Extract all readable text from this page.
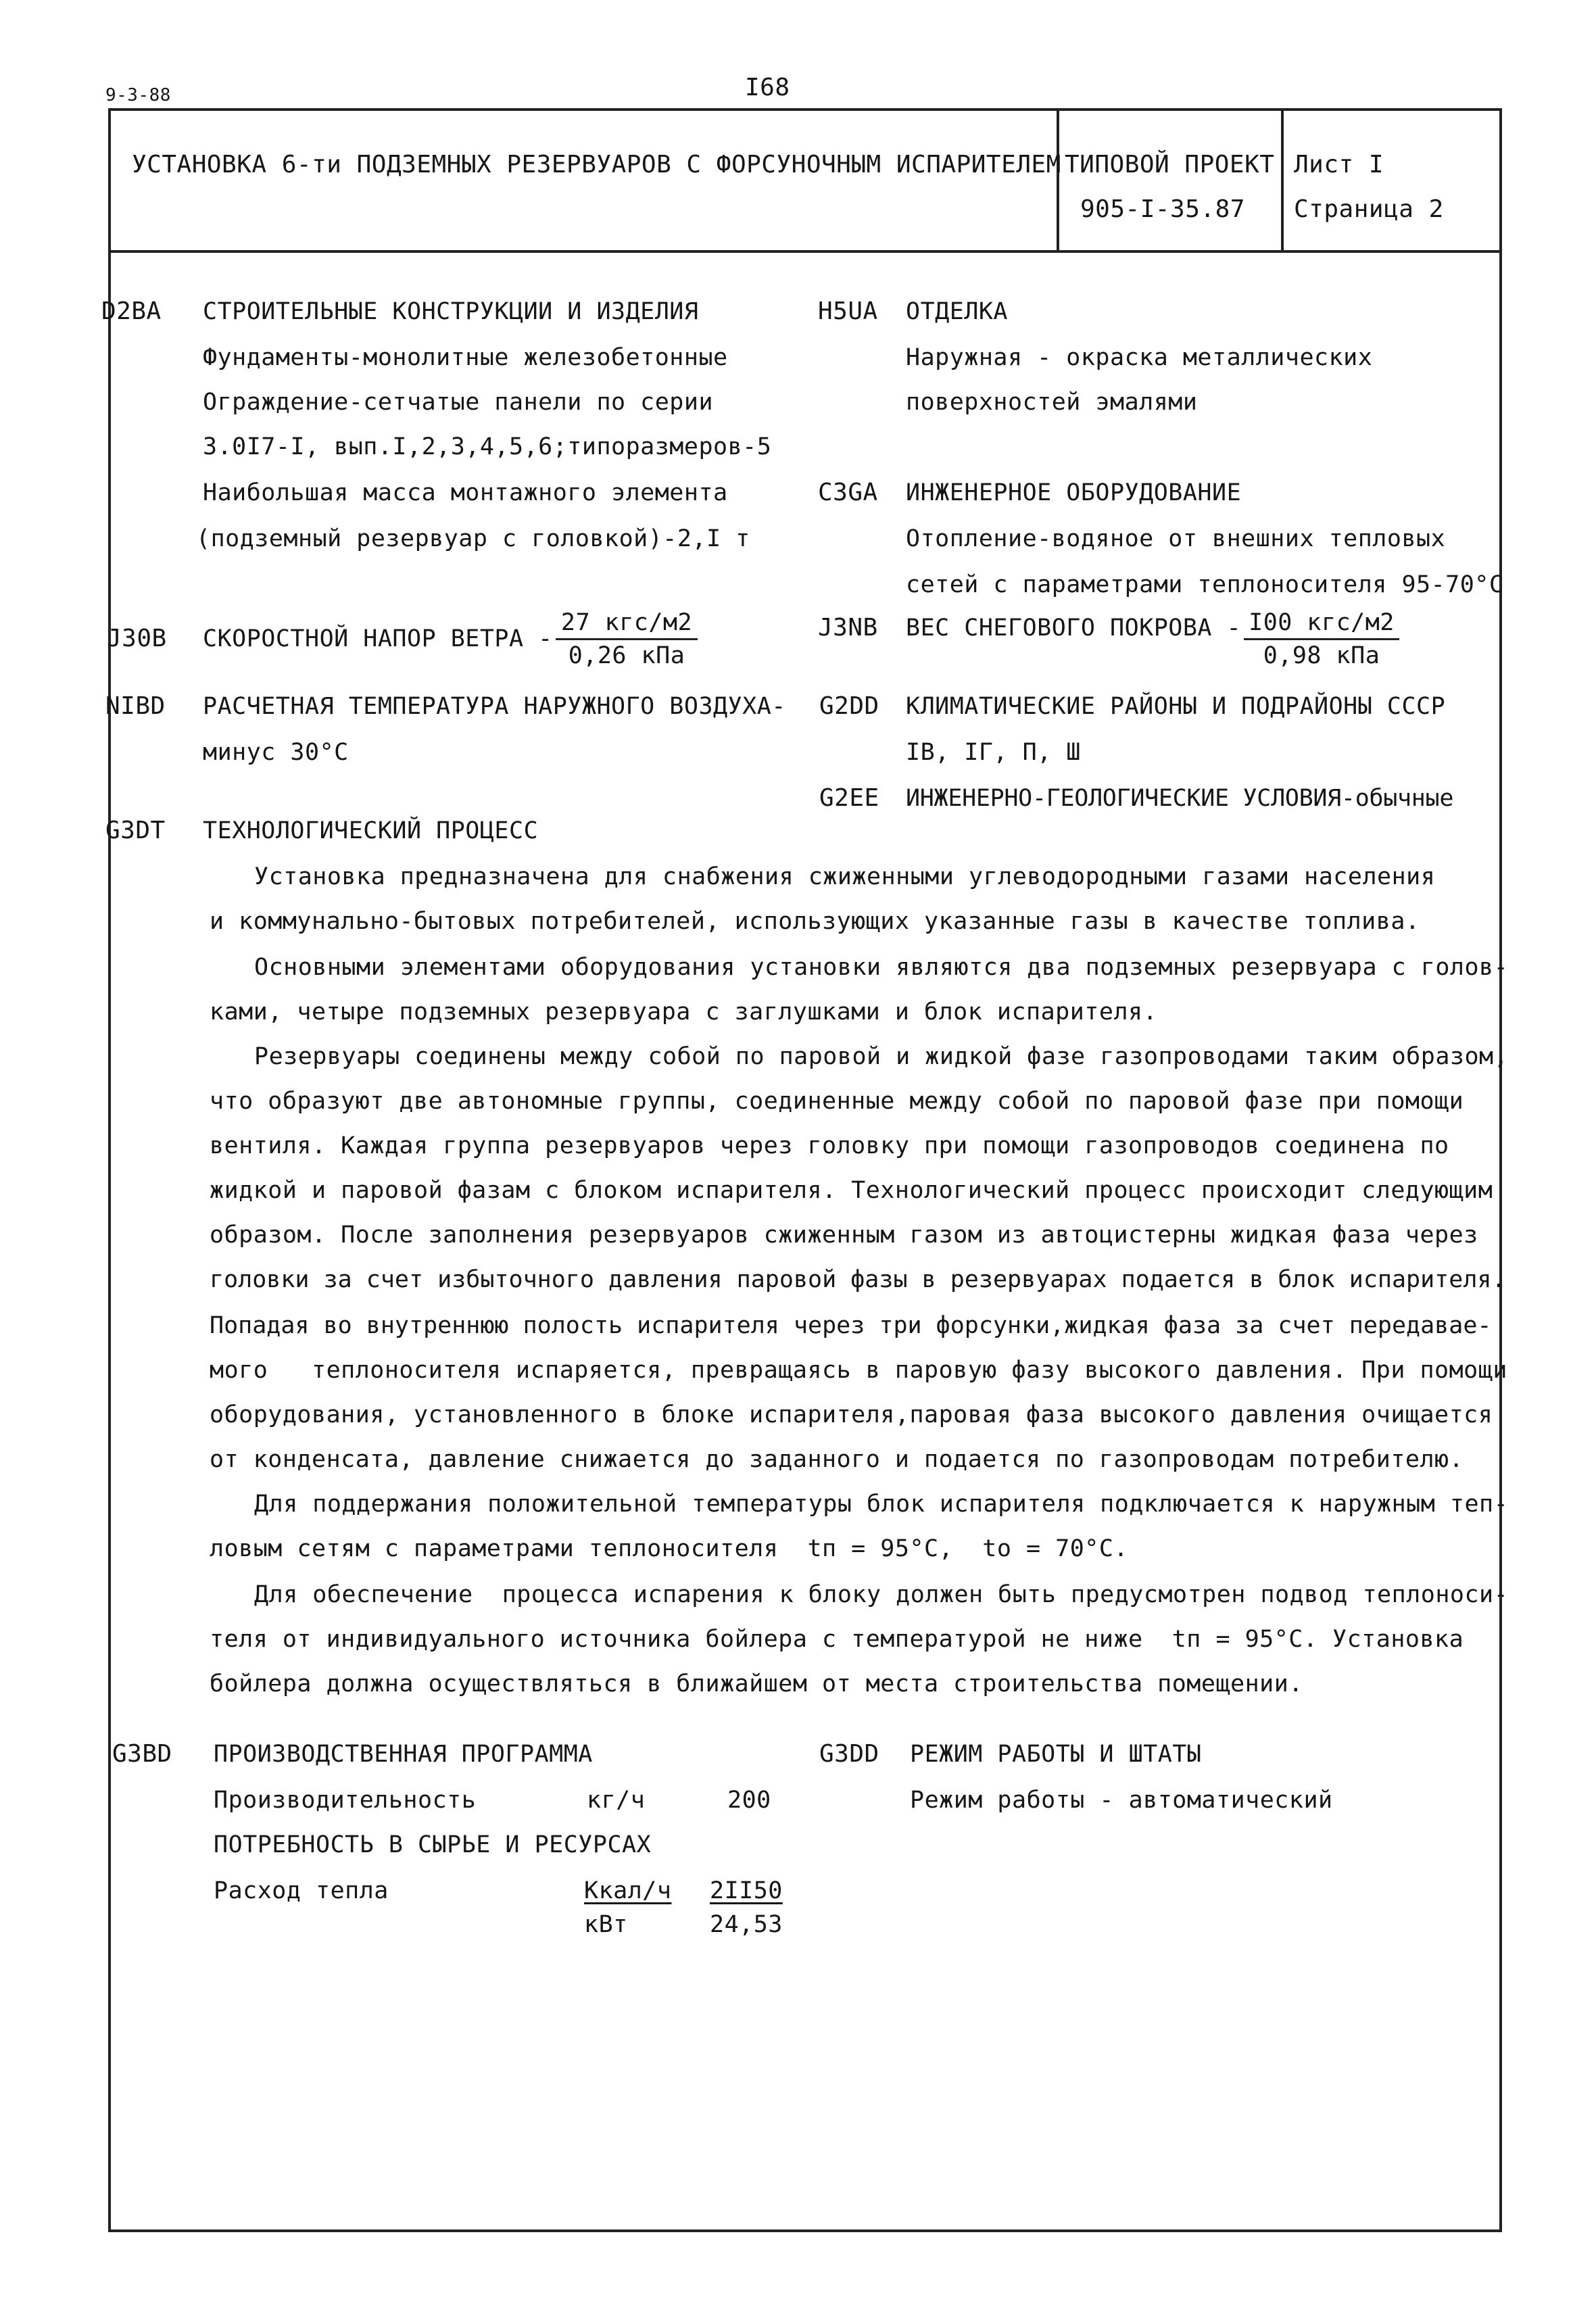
9-3-88	I68
УСТАНОВКА 6-ти ПОДЗЕМНЫХ РЕЗЕРВУАРОВ С ФОРСУНОЧНЫМ ИСПАРИТЕЛЕМ ТИПОВОЙ ПРОЕКТ
905-I-35.87
Лист I
Страница 2
D2BA СТРОИТЕЛЬНЫЕ КОНСТРУКЦИИ И ИЗДЕЛИЯ
Фундаменты-монолитные железобетонные
Ограждение-сетчатые панели по серии
3.0I7-I, вып.I,2,3,4,5,6;типоразмеров-5
Наибольшая масса монтажного элемента
(подземный резервуар с головкой)-2,I т
H5UA ОТДЕЛКА
Наружная - окраска металлических
поверхностей эмалями
C3GA ИНЖЕНЕРНОЕ ОБОРУДОВАНИЕ
Отопление-водяное от внешних тепловых
сетей с параметрами теплоносителя 95-70°С
J30B СКОРОСТНОЙ НАПОР ВЕТРА -
27 кгс/м2
0,26 кПа
J3NB ВЕС СНЕГОВОГО ПОКРОВА - I00 кгс/м2
0,98 кПа
NIBD РАСЧЕТНАЯ ТЕМПЕРАТУРА НАРУЖНОГО ВОЗДУХА-
минус 30°С
G2DD КЛИМАТИЧЕСКИЕ РАЙОНЫ И ПОДРАЙОНЫ СССР
IВ, IГ, П, Ш
G2EE ИНЖЕНЕРНО-ГЕОЛОГИЧЕСКИЕ УСЛОВИЯ-обычные
G3DT ТЕХНОЛОГИЧЕСКИЙ ПРОЦЕСС
Установка предназначена для снабжения сжиженными углеводородными газами населения
и коммунально-бытовых потребителей, использующих указанные газы в качестве топлива.
Основными элементами оборудования установки являются два подземных резервуара с голов-
ками, четыре подземных резервуара с заглушками и блок испарителя.
Резервуары соединены между собой по паровой и жидкой фазе газопроводами таким образом,
что образуют две автономные группы, соединенные между собой по паровой фазе при помощи
вентиля. Каждая группа резервуаров через головку при помощи газопроводов соединена по
жидкой и паровой фазам с блоком испарителя. Технологический процесс происходит следующим
образом. После заполнения резервуаров сжиженным газом из автоцистерны жидкая фаза через
головки за счет избыточного давления паровой фазы в резервуарах подается в блок испарителя.
Попадая во внутреннюю полость испарителя через три форсунки,жидкая фаза за счет передавае-
мого   теплоносителя испаряется, превращаясь в паровую фазу высокого давления. При помощи
оборудования, установленного в блоке испарителя,паровая фаза высокого давления очищается
от конденсата, давление снижается до заданного и подается по газопроводам потребителю.
Для поддержания положительной температуры блок испарителя подключается к наружным теп-
ловым сетям с параметрами теплоносителя  tп = 95°С,  tо = 70°С.
Для обеспечение  процесса испарения к блоку должен быть предусмотрен подвод теплоноси-
теля от индивидуального источника бойлера с температурой не ниже  tп = 95°С. Установка
бойлера должна осуществляться в ближайшем от места строительства помещении.
G3BD ПРОИЗВОДСТВЕННАЯ ПРОГРАММА
Производительность	кг/ч	200
ПОТРЕБНОСТЬ В СЫРЬЕ И РЕСУРСАХ
Расход тепла	Ккал/ч 2II50
кВт	24,53
G3DD РЕЖИМ РАБОТЫ И ШТАТЫ
Режим работы - автоматический
